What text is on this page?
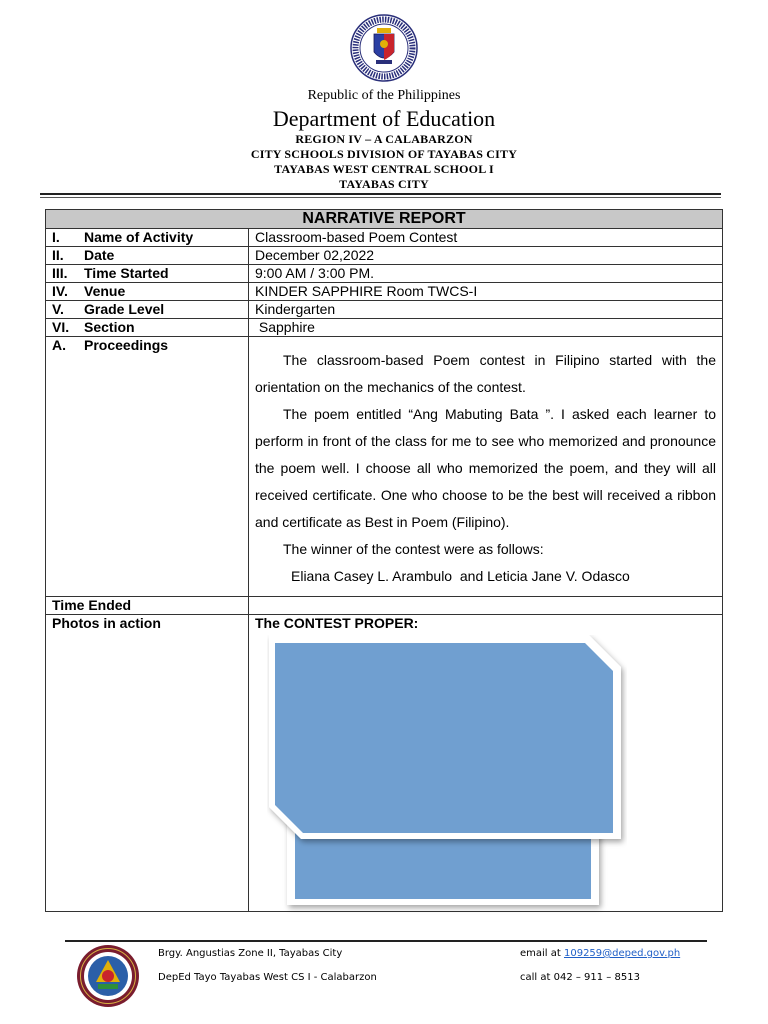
Republic of the Philippines
Department of Education
REGION IV – A CALABARZON
CITY SCHOOLS DIVISION OF TAYABAS CITY
TAYABAS WEST CENTRAL SCHOOL I
TAYABAS CITY
NARRATIVE REPORT	
I. Name of Activity	Classroom-based Poem Contest
II. Date	December 02,2022
III. Time Started	9:00 AM / 3:00 PM.
IV. Venue	KINDER SAPPHIRE Room TWCS-I
V. Grade Level	Kindergarten
VI. Section	Sapphire
A. Proceedings	The classroom-based Poem contest in Filipino started with the orientation on the mechanics of the contest.

The poem entitled “Ang Mabuting Bata ”. I asked each learner to perform in front of the class for me to see who memorized and pronounce the poem well. I choose all who memorized the poem, and they will all received certificate. One who choose to be the best will received a ribbon and certificate as Best in Poem (Filipino).

The winner of the contest were as follows:

Eliana Casey L. Arambulo  and Leticia Jane V. Odasco

Time Ended	
Photos in action	The CONTEST PROPER:
Brgy. Angustias Zone II, Tayabas City
DepEd Tayo Tayabas West CS I - Calabarzon
email at 109259@deped.gov.ph
call at 042 – 911 – 8513
